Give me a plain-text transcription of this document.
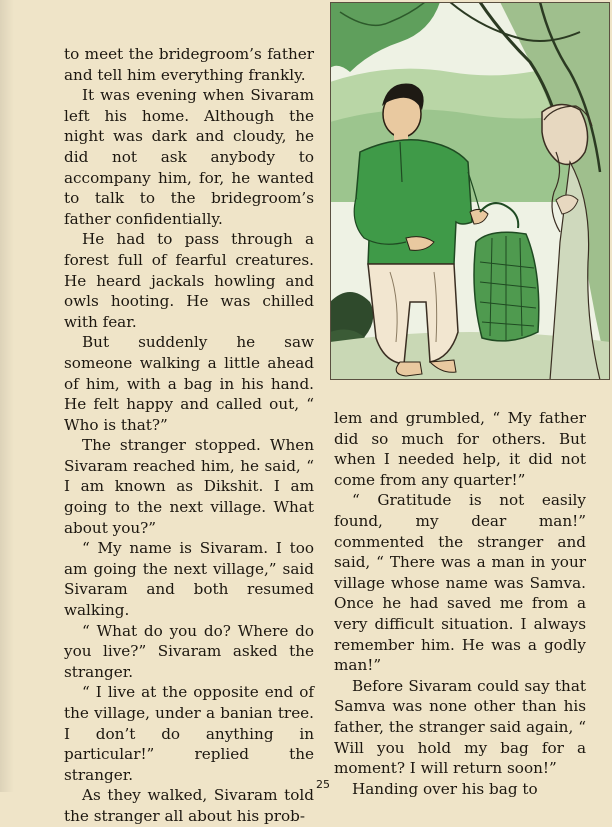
to meet the bridegroom’s father and tell him everything frankly.

It was evening when Sivaram left his home. Although the night was dark and cloudy, he did not ask anybody to accompany him, for, he wanted to talk to the bridegroom’s father confidentially.

He had to pass through a forest full of fearful creatures. He heard jackals howling and owls hooting. He was chilled with fear.

But suddenly he saw someone walking a little ahead of him, with a bag in his hand. He felt happy and called out, “ Who is that?”

The stranger stopped. When Sivaram reached him, he said, “ I am known as Dikshit. I am going to the next village. What about you?”

“ My name is Sivaram. I too am going the next village,” said Sivaram and both resumed walking.

“ What do you do? Where do you live?” Sivaram asked the stranger.

“ I live at the opposite end of the village, under a banian tree. I don’t do anything in particular!” replied the stranger.

As they walked, Sivaram told the stranger all about his prob-

lem and grumbled, “ My father did so much for others. But when I needed help, it did not come from any quarter!”

“ Gratitude is not easily found, my dear man!” commented the stranger and said, “ There was a man in your village whose name was Samva. Once he had saved me from a very difficult situation. I always remember him. He was a godly man!”

Before Sivaram could say that Samva was none other than his father, the stranger said again, “ Will you hold my bag for a moment? I will return soon!”

Handing over his bag to

25
